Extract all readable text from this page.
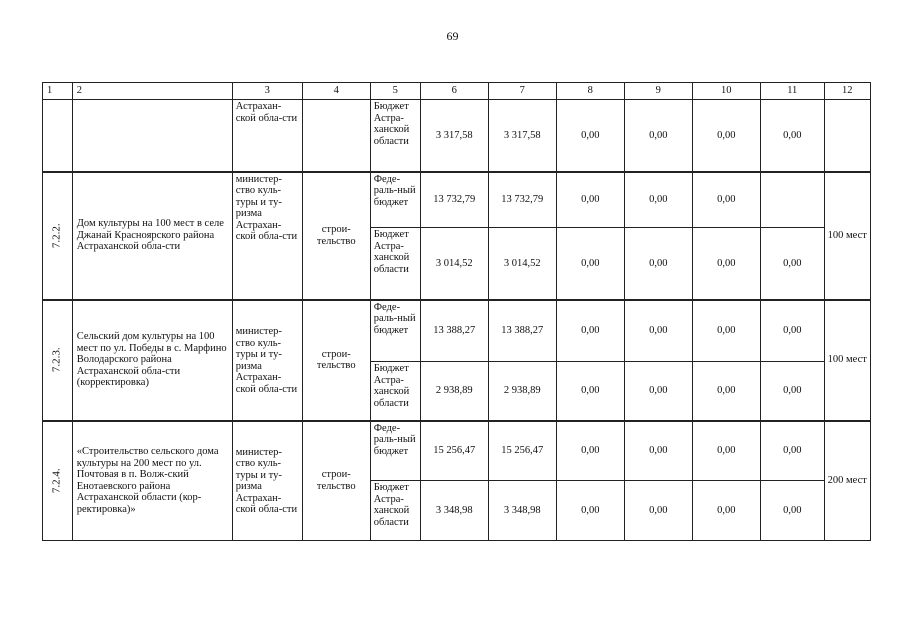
69
1	2	3	4	5	6	7	8	9	10	11	12
		Астрахан-ской обла-сти		Бюджет Астра-ханской области	3 317,58	3 317,58	0,00	0,00	0,00	0,00	
7.2.2.	Дом культуры на 100 мест в селе Джанай Красноярского района Астраханской обла-сти	министер-ство куль-туры и ту-ризма Астрахан-ской обла-сти	строи-тельство	Феде-раль-ный бюджет	13 732,79	13 732,79	0,00	0,00	0,00		100 мест
				Бюджет Астра-ханской области	3 014,52	3 014,52	0,00	0,00	0,00	0,00	
7.2.3.	Сельский дом культуры на 100 мест по ул. Победы в с. Марфино Володарского района Астраханской обла-сти (корректировка)	министер-ство куль-туры и ту-ризма Астрахан-ской обла-сти	строи-тельство	Феде-раль-ный бюджет	13 388,27	13 388,27	0,00	0,00	0,00	0,00	100 мест
				Бюджет Астра-ханской области	2 938,89	2 938,89	0,00	0,00	0,00	0,00	
7.2.4.	«Строительство сельского дома культуры на 200 мест по ул. Почтовая в п. Волж-ский Енотаевского района Астраханской области (кор-ректировка)»	министер-ство куль-туры и ту-ризма Астрахан-ской обла-сти	строи-тельство	Феде-раль-ный бюджет	15 256,47	15 256,47	0,00	0,00	0,00	0,00	200 мест
				Бюджет Астра-ханской области	3 348,98	3 348,98	0,00	0,00	0,00	0,00	
